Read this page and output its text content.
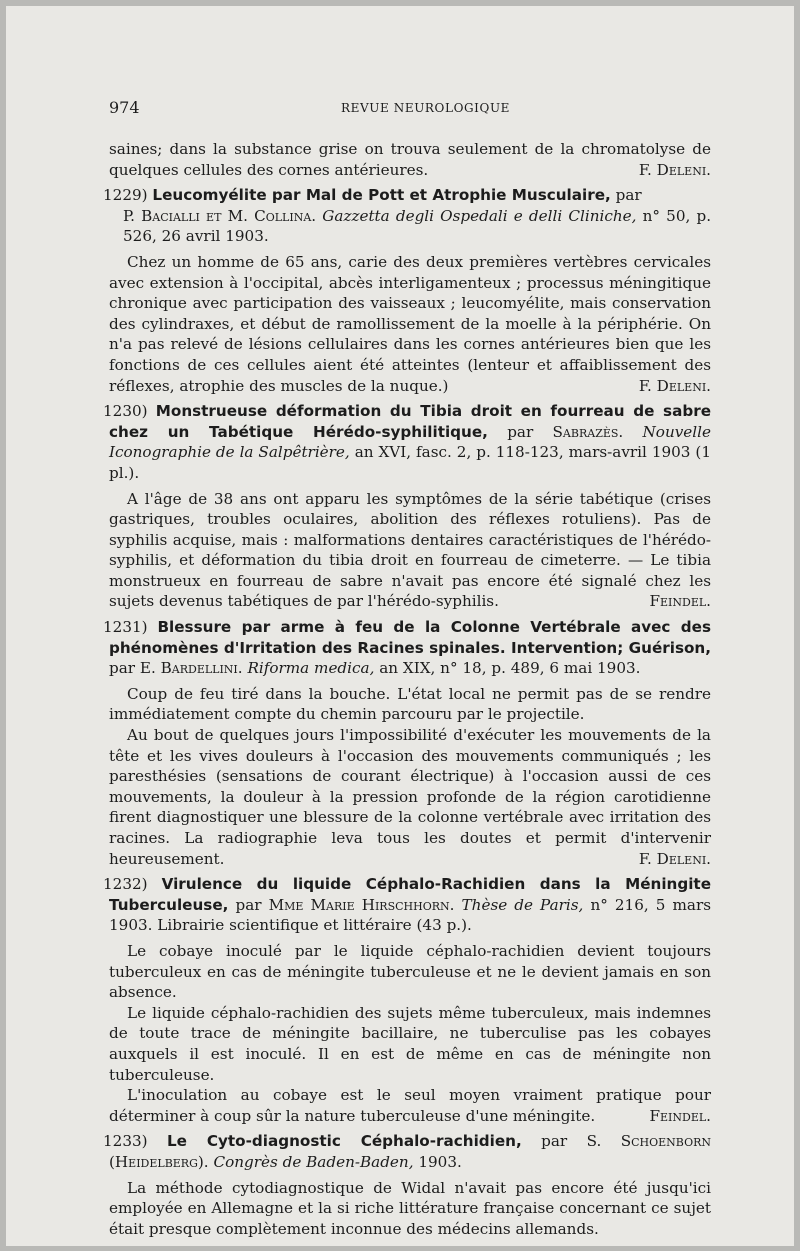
974	REVUE NEUROLOGIQUE

saines; dans la substance grise on trouva seulement de la chromatolyse de quelques cellules des cornes antérieures.	F. Deleni.

1229) Leucomyélite par Mal de Pott et Atrophie Musculaire, par

P. Bacialli et M. Collina. Gazzetta degli Ospedali e delli Cliniche, n° 50, p. 526, 26 avril 1903.

Chez un homme de 65 ans, carie des deux premières vertèbres cervicales avec extension à l'occipital, abcès interligamenteux ; processus méningitique chronique avec participation des vaisseaux ; leucomyélite, mais conservation des cylindraxes, et début de ramollissement de la moelle à la périphérie. On n'a pas relevé de lésions cellulaires dans les cornes antérieures bien que les fonctions de ces cellules aient été atteintes (lenteur et affaiblissement des réflexes, atrophie des muscles de la nuque.)	F. Deleni.

1230) Monstrueuse déformation du Tibia droit en fourreau de sabre chez un Tabétique Hérédo-syphilitique, par Sabrazès. Nouvelle Iconographie de la Salpêtrière, an XVI, fasc. 2, p. 118-123, mars-avril 1903 (1 pl.).

A l'âge de 38 ans ont apparu les symptômes de la série tabétique (crises gastriques, troubles oculaires, abolition des réflexes rotuliens). Pas de syphilis acquise, mais : malformations dentaires caractéristiques de l'hérédo-syphilis, et déformation du tibia droit en fourreau de cimeterre. — Le tibia monstrueux en fourreau de sabre n'avait pas encore été signalé chez les sujets devenus tabétiques de par l'hérédo-syphilis.	Feindel.

1231) Blessure par arme à feu de la Colonne Vertébrale avec des phénomènes d'Irritation des Racines spinales. Intervention; Guérison, par E. Bardellini. Riforma medica, an XIX, n° 18, p. 489, 6 mai 1903.

Coup de feu tiré dans la bouche. L'état local ne permit pas de se rendre immédiatement compte du chemin parcouru par le projectile.

Au bout de quelques jours l'impossibilité d'exécuter les mouvements de la tête et les vives douleurs à l'occasion des mouvements communiqués ; les paresthésies (sensations de courant électrique) à l'occasion aussi de ces mouvements, la douleur à la pression profonde de la région carotidienne firent diagnostiquer une blessure de la colonne vertébrale avec irritation des racines. La radiographie leva tous les doutes et permit d'intervenir heureusement.	F. Deleni.

1232) Virulence du liquide Céphalo-Rachidien dans la Méningite Tuberculeuse, par Mme Marie Hirschhorn. Thèse de Paris, n° 216, 5 mars 1903. Librairie scientifique et littéraire (43 p.).

Le cobaye inoculé par le liquide céphalo-rachidien devient toujours tuberculeux en cas de méningite tuberculeuse et ne le devient jamais en son absence.

Le liquide céphalo-rachidien des sujets même tuberculeux, mais indemnes de toute trace de méningite bacillaire, ne tuberculise pas les cobayes auxquels il est inoculé. Il en est de même en cas de méningite non tuberculeuse.

L'inoculation au cobaye est le seul moyen vraiment pratique pour déterminer à coup sûr la nature tuberculeuse d'une méningite.	Feindel.

1233) Le Cyto-diagnostic Céphalo-rachidien, par S. Schoenborn (Heidelberg). Congrès de Baden-Baden, 1903.

La méthode cytodiagnostique de Widal n'avait pas encore été jusqu'ici employée en Allemagne et la si riche littérature française concernant ce sujet était presque complètement inconnue des médecins allemands.
